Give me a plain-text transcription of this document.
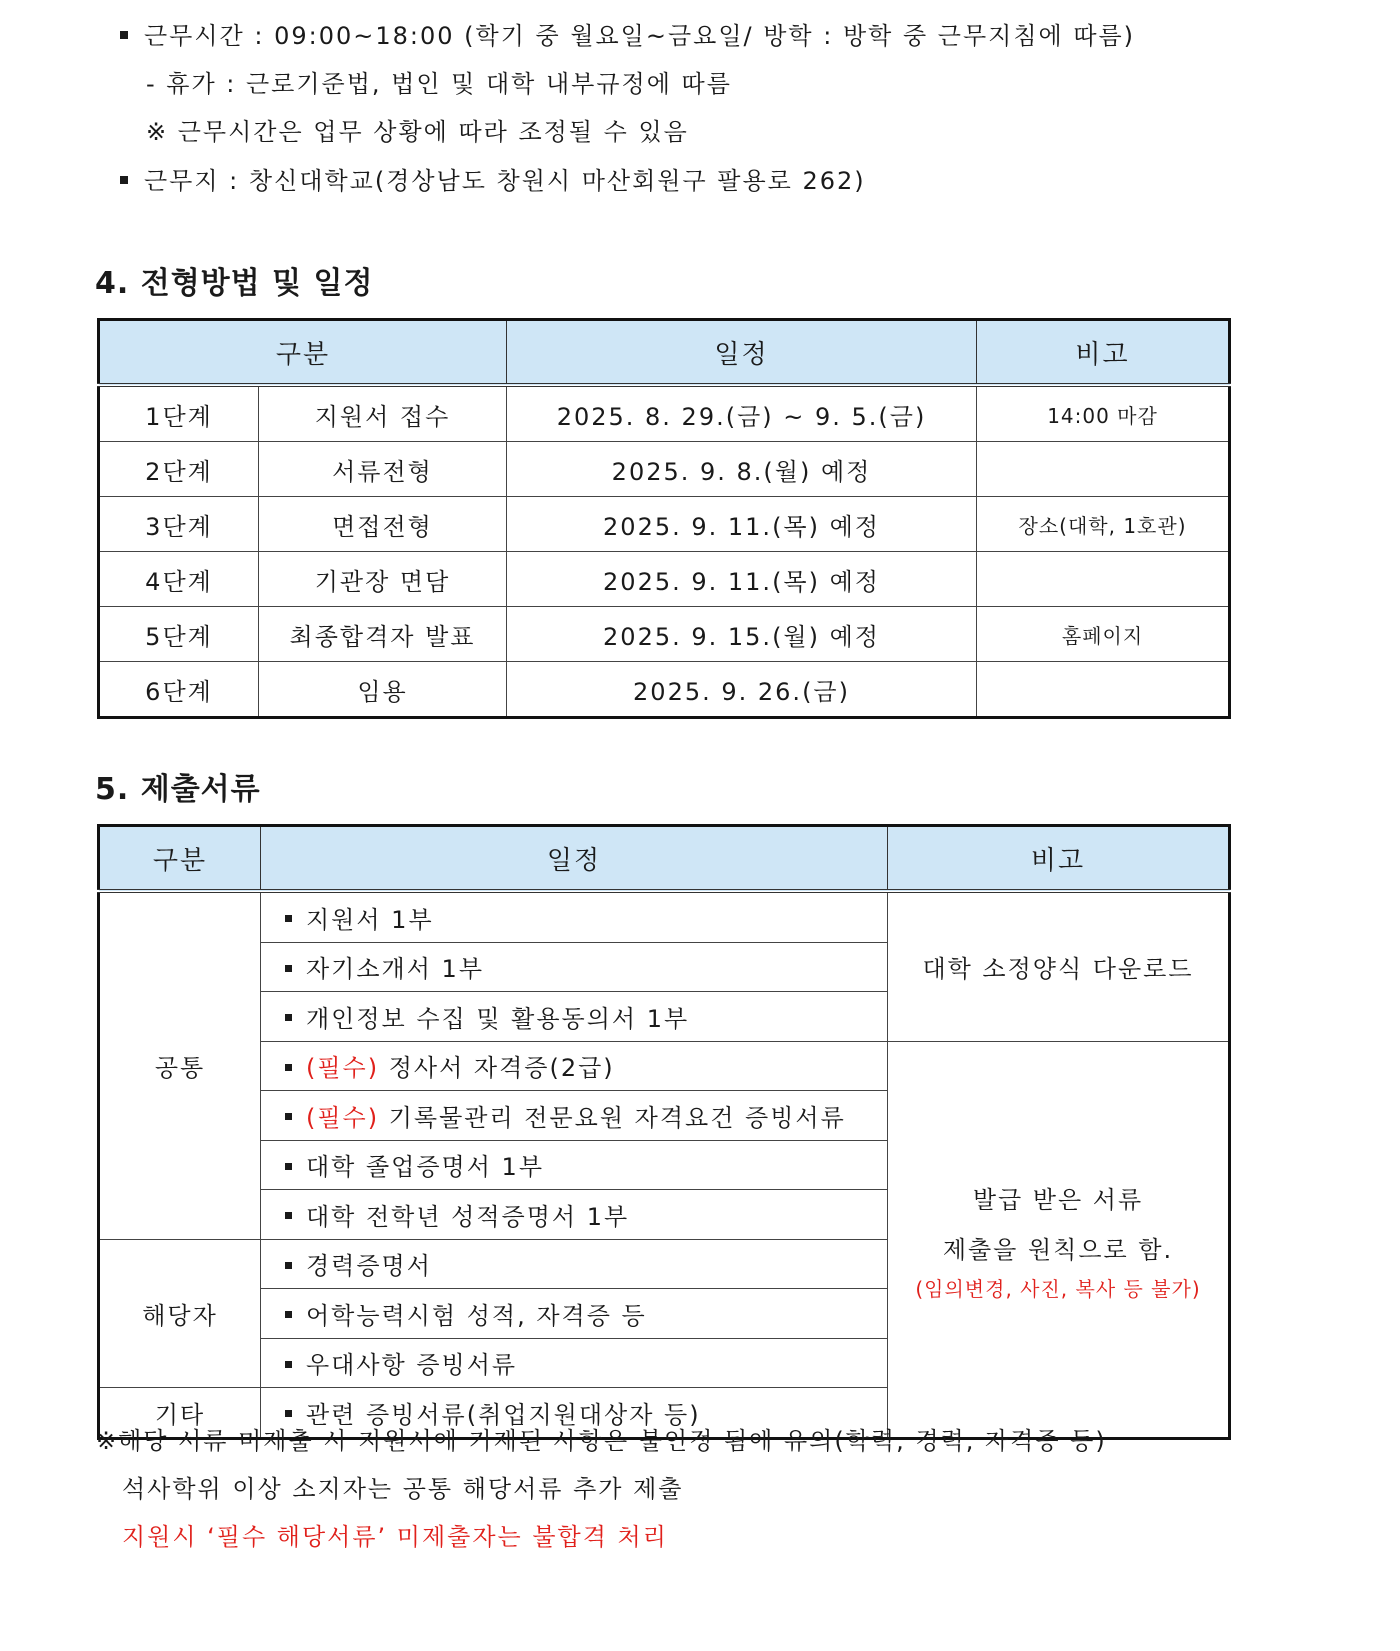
근무시간 : 09:00~18:00 (학기 중 월요일~금요일/ 방학 : 방학 중 근무지침에 따름)
- 휴가 : 근로기준법, 법인 및 대학 내부규정에 따름
※ 근무시간은 업무 상황에 따라 조정될 수 있음
근무지 : 창신대학교(경상남도 창원시 마산회원구 팔용로 262)
4. 전형방법 및 일정
구분		일정	비고
1단계	지원서 접수	2025. 8. 29.(금) ~ 9. 5.(금)	14:00 마감
2단계	서류전형	2025. 9. 8.(월) 예정	
3단계	면접전형	2025. 9. 11.(목) 예정	장소(대학, 1호관)
4단계	기관장 면담	2025. 9. 11.(목) 예정	
5단계	최종합격자 발표	2025. 9. 15.(월) 예정	홈페이지
6단계	임용	2025. 9. 26.(금)	
5. 제출서류
구분	일정	비고
공통	지원서 1부	대학 소정양식 다운로드
	자기소개서 1부	
	개인정보 수집 및 활용동의서 1부	
	(필수) 정사서 자격증(2급)	발급 받은 서류
제출을 원칙으로 함.
(임의변경, 사진, 복사 등 불가)

	(필수) 기록물관리 전문요원 자격요건 증빙서류	
	대학 졸업증명서 1부	
	대학 전학년 성적증명서 1부	
해당자	경력증명서	
	어학능력시험 성적, 자격증 등	
	우대사항 증빙서류	
기타	관련 증빙서류(취업지원대상자 등)	
※해당 서류 미제출 시 지원서에 기재된 사항은 불인정 됨에 유의(학력, 경력, 자격증 등)
석사학위 이상 소지자는 공통 해당서류 추가 제출
지원시 ‘필수 해당서류’ 미제출자는 불합격 처리
